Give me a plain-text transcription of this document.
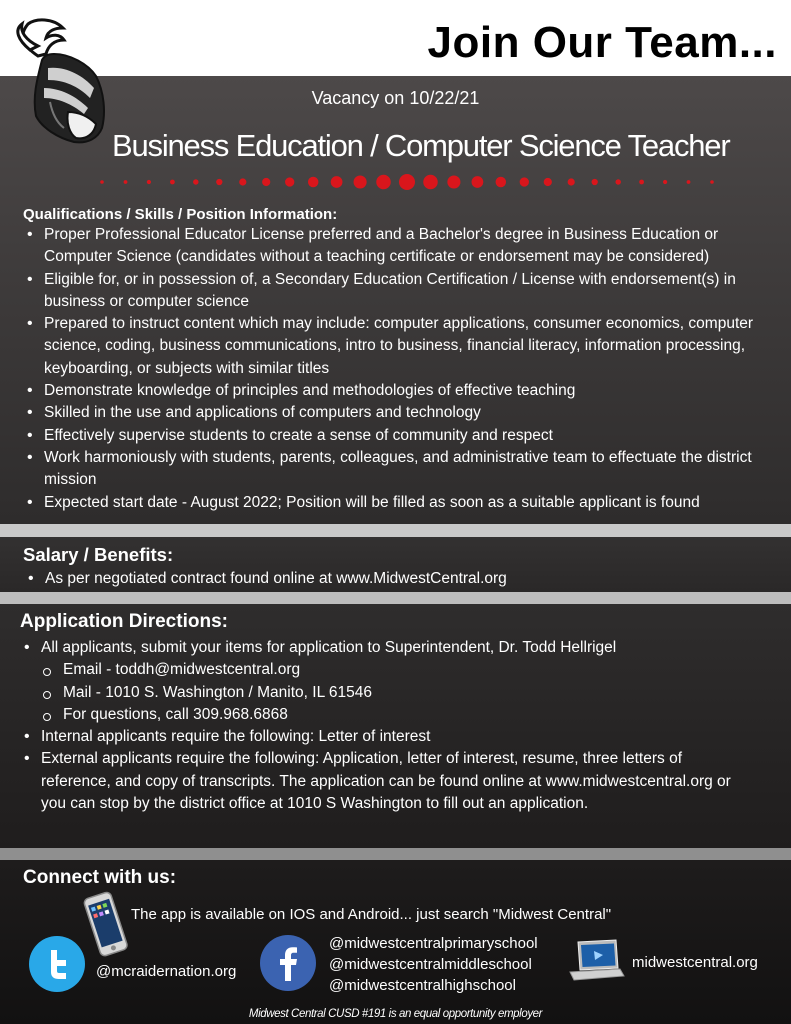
Join Our Team...
Vacancy on 10/22/21
Business Education / Computer Science Teacher
Qualifications / Skills / Position Information:
• Proper Professional Educator License preferred and a Bachelor's degree in Business Education or Computer Science (candidates without a teaching certificate or endorsement may be considered)
• Eligible for, or in possession of, a Secondary Education Certification / License with endorsement(s) in business or computer science
• Prepared to instruct content which may include: computer applications, consumer economics, computer science, coding, business communications, intro to business, financial literacy, information processing, keyboarding, or subjects with similar titles
• Demonstrate knowledge of principles and methodologies of effective teaching
• Skilled in the use and applications of computers and technology
• Effectively supervise students to create a sense of community and respect
• Work harmoniously with students, parents, colleagues, and administrative team to effectuate the district mission
• Expected start date - August 2022; Position will be filled as soon as a suitable applicant is found
Salary / Benefits:
• As per negotiated contract found online at www.MidwestCentral.org
Application Directions:
• All applicants, submit your items for application to Superintendent, Dr. Todd Hellrigel
Email - toddh@midwestcentral.org
Mail - 1010 S. Washington / Manito, IL 61546
For questions, call 309.968.6868
• Internal applicants require the following: Letter of interest
• External applicants require the following: Application, letter of interest, resume, three letters of reference, and copy of transcripts. The application can be found online at www.midwestcentral.org or you can stop by the district office at 1010 S Washington to fill out an application.
Connect with us:
The app is available on IOS and Android... just search "Midwest Central"
@mcraidernation.org
@midwestcentralprimaryschool
@midwestcentralmiddleschool
@midwestcentralhighschool
midwestcentral.org
Midwest Central CUSD #191 is an equal opportunity employer
